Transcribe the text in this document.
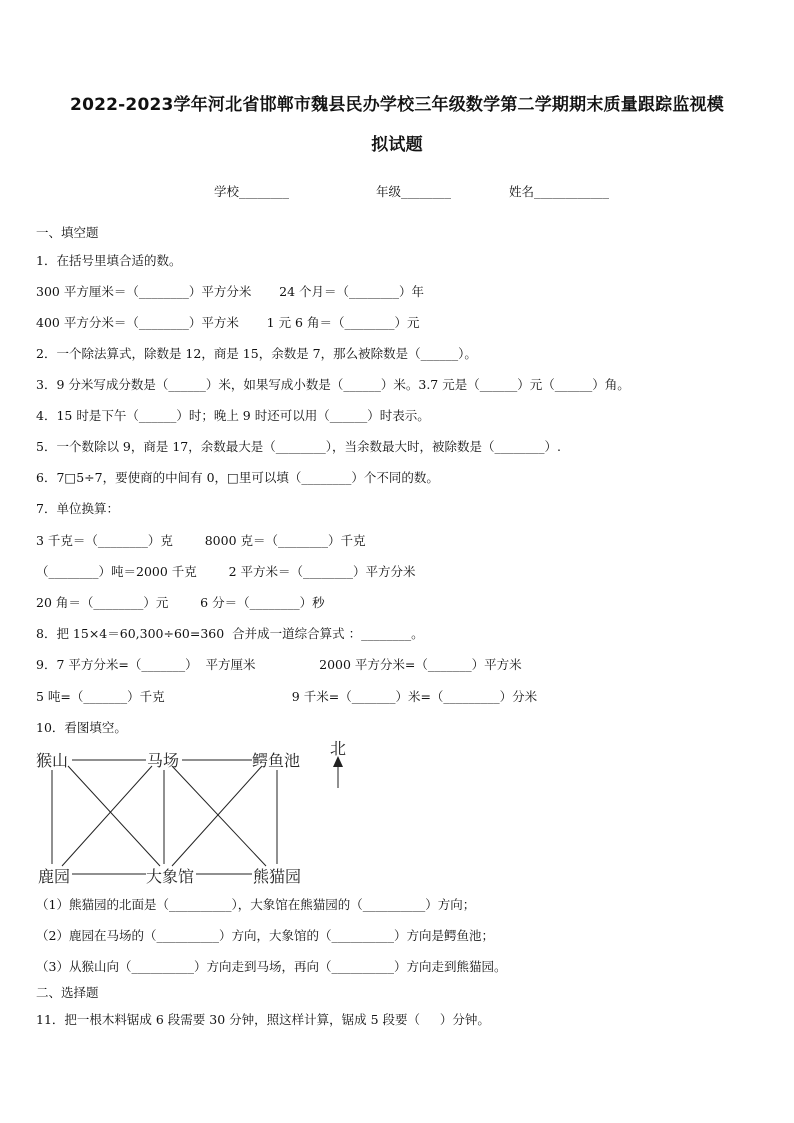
2022-2023学年河北省邯郸市魏县民办学校三年级数学第二学期期末质量跟踪监视模
拟试题
学校________	年级________	姓名____________
一、填空题
1．在括号里填合适的数。
300 平方厘米＝（________）平方分米       24 个月＝（________）年
400 平方分米＝（________）平方米       1 元 6 角＝（________）元
2．一个除法算式，除数是 12，商是 15，余数是 7，那么被除数是（______）。
3．9 分米写成分数是（______）米，如果写成小数是（______）米。3.7 元是（______）元（______）角。
4．15 时是下午（______）时；晚上 9 时还可以用（______）时表示。
5．一个数除以 9，商是 17，余数最大是（________），当余数最大时，被除数是（________）.
6．7□5÷7，要使商的中间有 0，□里可以填（________）个不同的数。
7．单位换算：
3 千克＝（________）克        8000 克＝（________）千克
（________）吨＝2000 千克        2 平方米＝（________）平方分米
20 角＝（________）元        6 分＝（________）秒
8．把 15×4＝60,300÷60=360  合并成一道综合算式 ：________。
9．7 平方分米=（_______）  平方厘米                2000 平方分米=（_______）平方米
5 吨=（_______）千克                                9 千米=（_______）米=（_________）分米
10．看图填空。
猴山	马场	鳄鱼池
鹿园	大象馆	熊猫园
北
（1）熊猫园的北面是（__________），大象馆在熊猫园的（__________）方向；
（2）鹿园在马场的（__________）方向，大象馆的（__________）方向是鳄鱼池；
（3）从猴山向（__________）方向走到马场，再向（__________）方向走到熊猫园。
二、选择题
11．把一根木料锯成 6 段需要 30 分钟，照这样计算，锯成 5 段要（     ）分钟。
